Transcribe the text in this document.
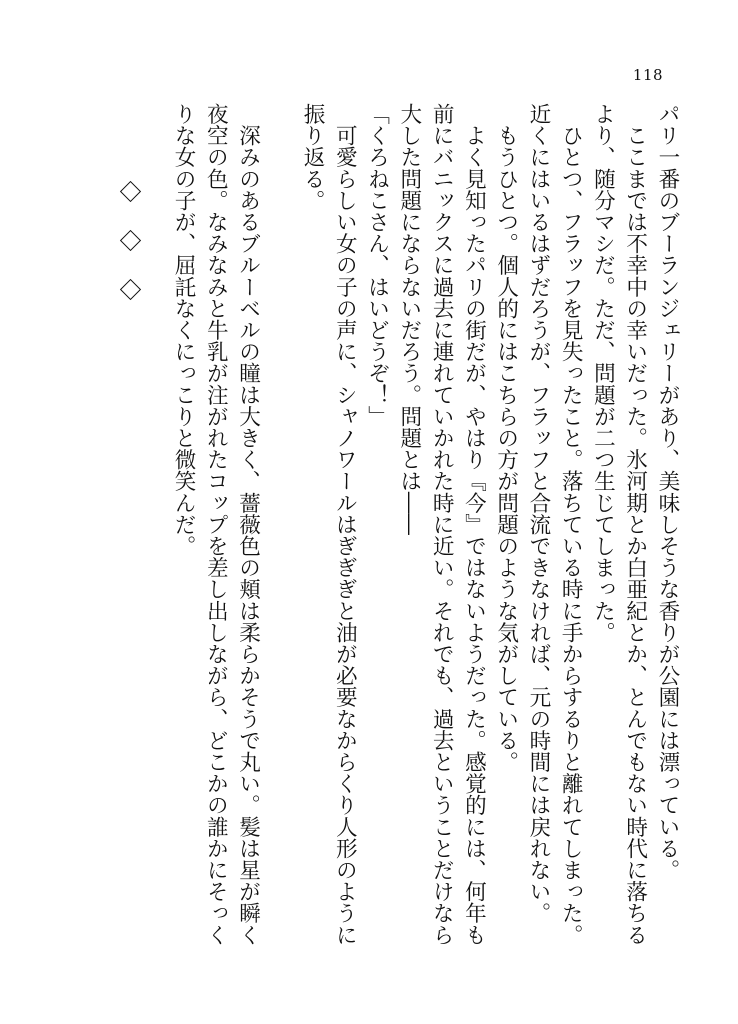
118
パリ一番のブーランジェリーがあり、美味しそうな香りが公園には漂っている。
　ここまでは不幸中の幸いだった。氷河期とか白亜紀とか、とんでもない時代に落ちる
より、随分マシだ。ただ、問題が二つ生じてしまった。
　ひとつ、フラッフを見失ったこと。落ちている時に手からするりと離れてしまった。
近くにはいるはずだろうが、フラッフと合流できなければ、元の時間には戻れない。
　もうひとつ。個人的にはこちらの方が問題のような気がしている。
　よく見知ったパリの街だが、やはり『今』ではないようだった。感覚的には、何年も
前にバニックスに過去に連れていかれた時に近い。それでも、過去ということだけなら
大した問題にならないだろう。問題とは――
「くろねこさん、はいどうぞ！」
　可愛らしい女の子の声に、シャノワールはぎぎぎと油が必要なからくり人形のように
振り返る。
　深みのあるブルーベルの瞳は大きく、薔薇色の頬は柔らかそうで丸い。髪は星が瞬く
夜空の色。なみなみと牛乳が注がれたコップを差し出しながら、どこかの誰かにそっく
りな女の子が、屈託なくにっこりと微笑んだ。
